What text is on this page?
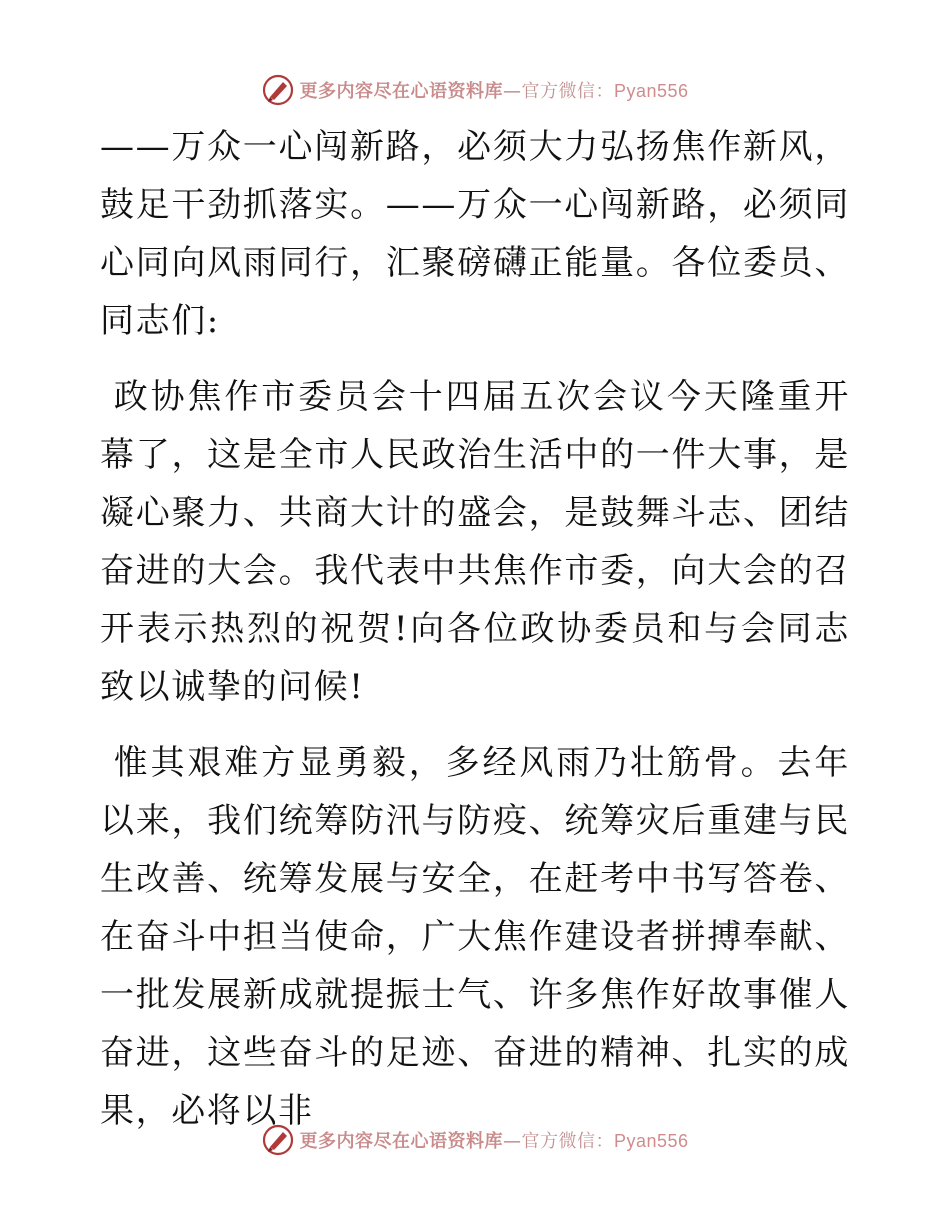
更多内容尽在心语资料库—官方微信：Pyan556

——万众一心闯新路，必须大力弘扬焦作新风，鼓足干劲抓落实。——万众一心闯新路，必须同心同向风雨同行，汇聚磅礴正能量。各位委员、同志们:

政协焦作市委员会十四届五次会议今天隆重开幕了，这是全市人民政治生活中的一件大事，是凝心聚力、共商大计的盛会，是鼓舞斗志、团结奋进的大会。我代表中共焦作市委，向大会的召开表示热烈的祝贺!向各位政协委员和与会同志致以诚挚的问候!

惟其艰难方显勇毅，多经风雨乃壮筋骨。去年以来，我们统筹防汛与防疫、统筹灾后重建与民生改善、统筹发展与安全，在赶考中书写答卷、在奋斗中担当使命，广大焦作建设者拼搏奉献、一批发展新成就提振士气、许多焦作好故事催人奋进，这些奋斗的足迹、奋进的精神、扎实的成果，必将以非

更多内容尽在心语资料库—官方微信：Pyan556
